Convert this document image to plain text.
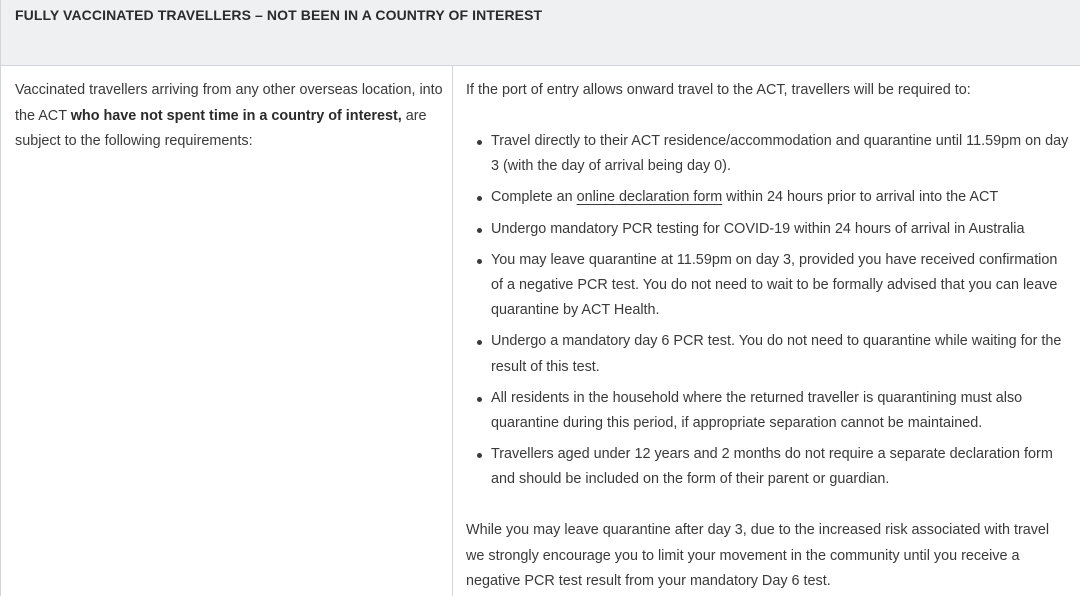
FULLY VACCINATED TRAVELLERS – NOT BEEN IN A COUNTRY OF INTEREST

Vaccinated travellers arriving from any other overseas location, into the ACT who have not spent time in a country of interest, are subject to the following requirements:

If the port of entry allows onward travel to the ACT, travellers will be required to:

Travel directly to their ACT residence/accommodation and quarantine until 11.59pm on day 3 (with the day of arrival being day 0).
Complete an online declaration form within 24 hours prior to arrival into the ACT
Undergo mandatory PCR testing for COVID-19 within 24 hours of arrival in Australia
You may leave quarantine at 11.59pm on day 3, provided you have received confirmation of a negative PCR test. You do not need to wait to be formally advised that you can leave quarantine by ACT Health.
Undergo a mandatory day 6 PCR test. You do not need to quarantine while waiting for the result of this test.
All residents in the household where the returned traveller is quarantining must also quarantine during this period, if appropriate separation cannot be maintained.
Travellers aged under 12 years and 2 months do not require a separate declaration form and should be included on the form of their parent or guardian.

While you may leave quarantine after day 3, due to the increased risk associated with travel we strongly encourage you to limit your movement in the community until you receive a negative PCR test result from your mandatory Day 6 test.
